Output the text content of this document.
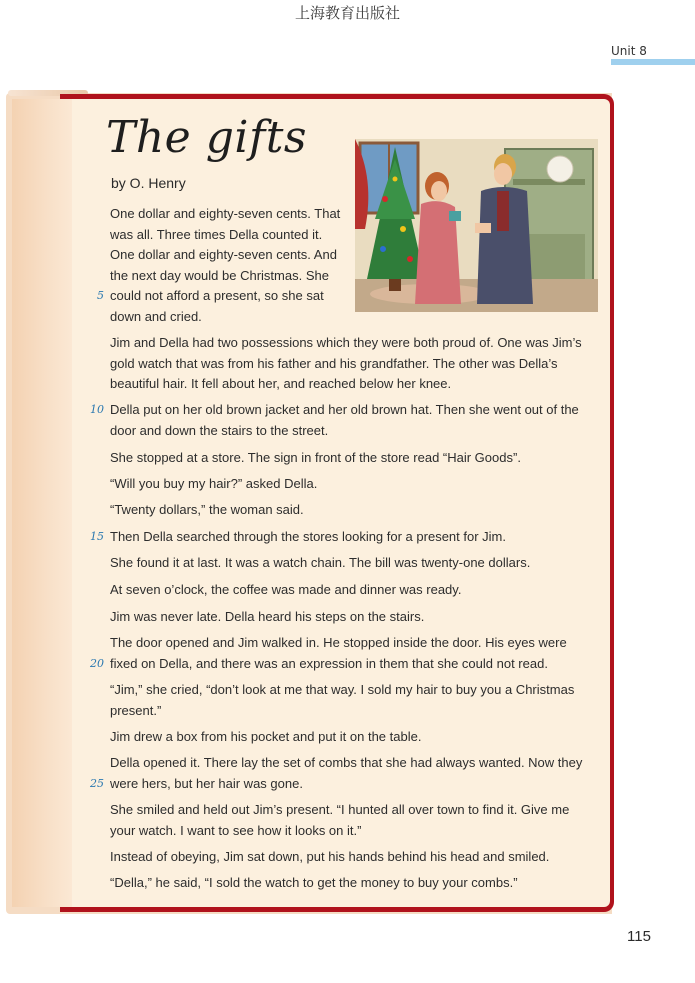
上海教育出版社
Unit 8
The gifts
by O. Henry

One dollar and eighty-seven cents. That was all. Three times Della counted it. One dollar and eighty-seven cents. And the next day would be Christmas. She could not afford a present, so she sat down and cried.

Jim and Della had two possessions which they were both proud of. One was Jim’s gold watch that was from his father and his grandfather. The other was Della’s beautiful hair. It fell about her, and reached below her knee.

Della put on her old brown jacket and her old brown hat. Then she went out of the door and down the stairs to the street.

She stopped at a store. The sign in front of the store read “Hair Goods”.

“Will you buy my hair?” asked Della.

“Twenty dollars,” the woman said.

Then Della searched through the stores looking for a present for Jim.

She found it at last. It was a watch chain. The bill was twenty-one dollars.

At seven o’clock, the coffee was made and dinner was ready.

Jim was never late. Della heard his steps on the stairs.

The door opened and Jim walked in. He stopped inside the door. His eyes were fixed on Della, and there was an expression in them that she could not read.

“Jim,” she cried, “don’t look at me that way. I sold my hair to buy you a Christmas present.”

Jim drew a box from his pocket and put it on the table.

Della opened it. There lay the set of combs that she had always wanted. Now they were hers, but her hair was gone.

She smiled and held out Jim’s present. “I hunted all over town to find it. Give me your watch. I want to see how it looks on it.”

Instead of obeying, Jim sat down, put his hands behind his head and smiled.

“Della,” he said, “I sold the watch to get the money to buy your combs.”

5
10
15
20
25
115
